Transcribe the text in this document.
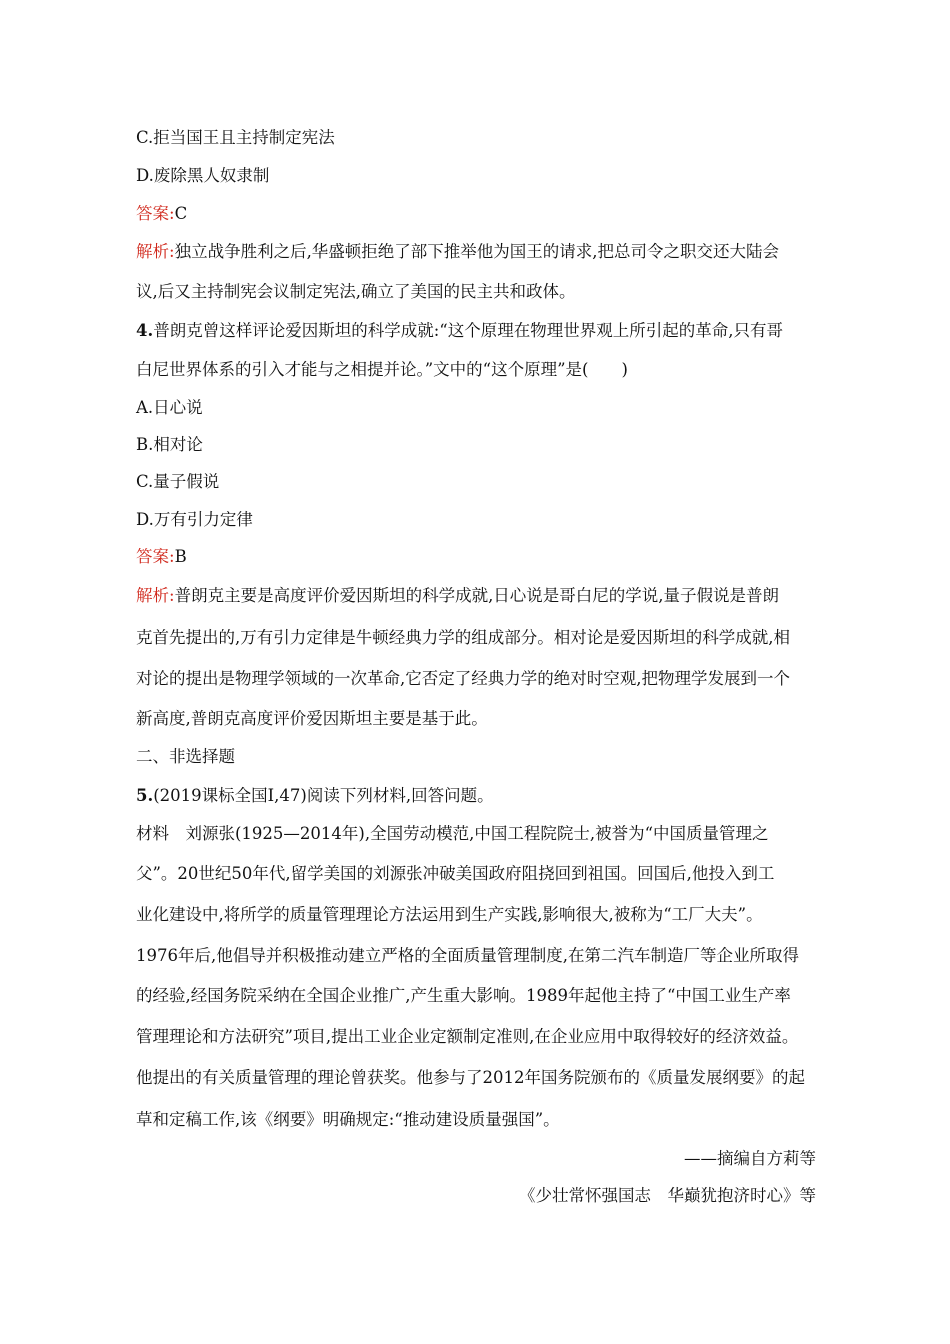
C.拒当国王且主持制定宪法
D.废除黑人奴隶制
答案:C
解析:独立战争胜利之后,华盛顿拒绝了部下推举他为国王的请求,把总司令之职交还大陆会
议,后又主持制宪会议制定宪法,确立了美国的民主共和政体。
4.普朗克曾这样评论爱因斯坦的科学成就:“这个原理在物理世界观上所引起的革命,只有哥
白尼世界体系的引入才能与之相提并论。”文中的“这个原理”是(　　)
A.日心说
B.相对论
C.量子假说
D.万有引力定律
答案:B
解析:普朗克主要是高度评价爱因斯坦的科学成就,日心说是哥白尼的学说,量子假说是普朗
克首先提出的,万有引力定律是牛顿经典力学的组成部分。相对论是爱因斯坦的科学成就,相
对论的提出是物理学领域的一次革命,它否定了经典力学的绝对时空观,把物理学发展到一个
新高度,普朗克高度评价爱因斯坦主要是基于此。
二、非选择题
5.(2019课标全国Ⅰ,47)阅读下列材料,回答问题。
材料　刘源张(1925—2014年),全国劳动模范,中国工程院院士,被誉为“中国质量管理之
父”。20世纪50年代,留学美国的刘源张冲破美国政府阻挠回到祖国。回国后,他投入到工
业化建设中,将所学的质量管理理论方法运用到生产实践,影响很大,被称为“工厂大夫”。
1976年后,他倡导并积极推动建立严格的全面质量管理制度,在第二汽车制造厂等企业所取得
的经验,经国务院采纳在全国企业推广,产生重大影响。1989年起他主持了“中国工业生产率
管理理论和方法研究”项目,提出工业企业定额制定准则,在企业应用中取得较好的经济效益。
他提出的有关质量管理的理论曾获奖。他参与了2012年国务院颁布的《质量发展纲要》的起
草和定稿工作,该《纲要》明确规定:“推动建设质量强国”。
——摘编自方莉等
《少壮常怀强国志　华巅犹抱济时心》等
